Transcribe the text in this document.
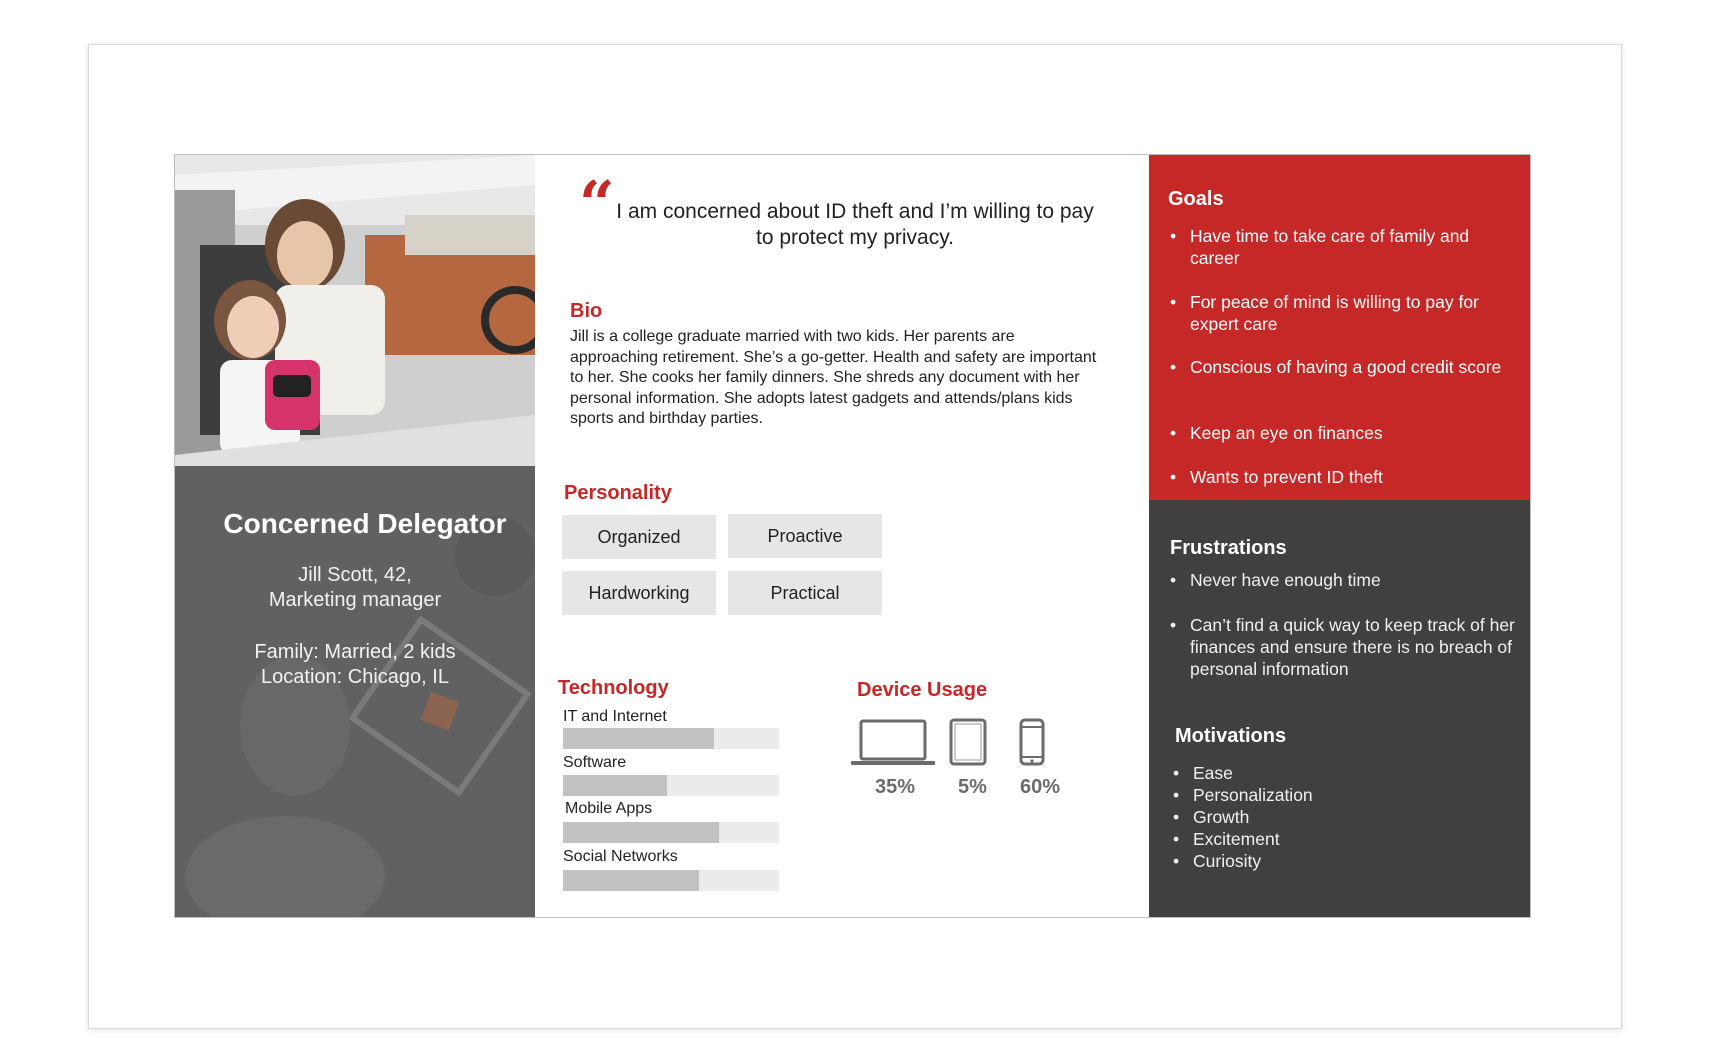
Concerned Delegator
Jill Scott, 42,
Marketing manager
Family: Married, 2 kids
Location: Chicago, IL
“ I am concerned about ID theft and I’m willing to pay to protect my privacy.
Bio
Jill is a college graduate married with two kids. Her parents are approaching retirement. She’s a go-getter. Health and safety are important to her. She cooks her family dinners. She shreds any document with her personal information. She adopts latest gadgets and attends/plans kids sports and birthday parties.
Personality
Organized	Proactive
Hardworking	Practical
Technology
IT and Internet
Software
Mobile Apps
Social Networks
Device Usage
35% 5% 60%
Goals
• Have time to take care of family and career
• For peace of mind is willing to pay for expert care
• Conscious of having a good credit score
• Keep an eye on finances
• Wants to prevent ID theft
Frustrations
• Never have enough time
• Can’t find a quick way to keep track of her finances and ensure there is no breach of personal information
Motivations
• Ease
• Personalization
• Growth
• Excitement
• Curiosity
